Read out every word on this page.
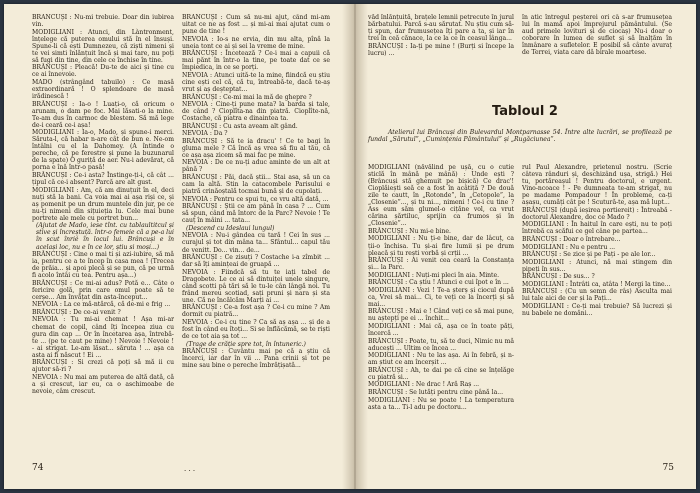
BRÂNCUȘI : Nu-mi trebuie. Doar din iubirea vin.

MODIGLIANI : Atunci, din Làntronment, înțelege că puterea omului stă în el însuși. Spune-li că ești Dumnezeu, că ziști nimeni și te vei simti înlănțuit încă și mai tare, nu poți să fugi din tine, din cele ce închise în tine.

BRÂNCUȘI : Pleacă! Du-te de aici și tine cu ce ai înnevoie.

MADO (strângând tabuilo) : Ce masă extraordinară ! O splendoare de masă irădinescă !

BRÂNCUȘI : Ia-o ! Luați-o, că oricum o arunam, o dam pe foc. Mai lăsati-o la mine. Te-am dus în carmoc de blestem. Să mă lege de-i ceară ce-i așa!

MODIGLIANI : Ia-o, Mado, și spune-i merci. Săruta-l, că habar n-are cât de bun e. Ne-om întâlni cu el la Dahomey. (A întinde o pereche, că pe ferestre și pune la buzunarul de la spate) O guriță de aer. Nu-i adevărat, că porna e înă într-o pasă!

BRÂNCUȘI : Ce-i asta? Înstinge-ți-i, că cât ... țipul că ce-i absent? Parcă are alt gust.

MODIGLIANI : Am, că am dinuțuit în el, deci nuți stă la bani. Ca voia mai ai așa riși ce, și aș pomenit pe un drum muntele din jur, pe ce nu-ți nimeni din sițuieția lu. Cele mai bune portrete ale mele cu portret bun...

(Ajutat de Mado, iese tînt. cu tablaultitcul și stive și încreștuță. într-o femeie că a pe-a lui în scut înrié în locul lui. Brâncuși e în același loc, nu e în ce lor, știu si moși...)

BRÂNCUȘI : Cine o mai ti și azi-iubire, să mă ia, pentru ce a te încep în casa mea ! (Trecea de prăia... și apoi plecă și se pun, că pe urmă fi acolo întâi cu tea. Pentru așa...)

BRÂNCUȘI : Ce mi-ai adus? Potă e... Câte o fericire golă, prin care omul poate să te cerșe... Am învățat din asta-început...

NEVOIA : La ce mă-ntărcă, că de-mi e frig ...

BRÂNCUȘI : De ce-ai venit ?

NEVOIA : Tu mi-ai chemat ! Așa mi-ar chemat de copil, când îți începea ziua cu gura din cap ... Or în încetarea așa, întrebă-te ... (pe te caut pe mine) ! Nevoie ! Nevoie ! - ai strigat. Le-am lăsat... săruta ! ... așa ca asta ai fi născut ! Ei ...

BRÂNCUȘI : Si crezi că poți să mă ii cu ajutor să-ri ?

NEVOIA : Nu mai am puterea de altă dată, că a și crescut, iar eu, ca o aschimoabe de nevoie, câm crescut.

BRÂNCUȘI : Cum să nu-mi ajut, când mi-am uitat ce ne aș fost ... și mi-ai mai ajutat cum o pune de tine !

NEVOIA : Io-s ne ervia, din mu alta, pînă la uneia tont ce ai și sei la vreme de mine.

BRÂNCUȘI : Încetează ? Ce-i mai a capuii că mai pănt în într-o la tine, pe toate dat ce se împiedica, in ce se porți.

NEVOIA : Atunci uită-te la mine, fiindcă eu știu cine ești cel că, că tu, întreabă-te, dacă te-aș vrut și aș deșteptat...

BRÂNCUȘI : Ce-mi mai la mă de ghepre ?

NEVOIA : Cine-ți pune mata? la barda și tale, de când ? Cioplîta-na din piatră. Cioplîte-nă, Costache, că piatra e dinaintea ta.

BRÂNCUȘI : Cu asta aveam alt gând.

NEVOIA : Da ?

BRÂNCUȘI : Să te ia dracu' ! Ce te bagi în gluma mele ? Că încă aș vrea să fiu al tău, că ce așa așa zicem să mai fac pe mine.

NEVOIA : De ce nu-ți aduc aminte de un alt at până ?

BRÂNCUȘI : Păi, dacă știi... Stai asa, să un ca cam la altă. Stin la catacombele Parisului e piatră crinăoștală tocmai bună și de cupolați.

NEVOIA : Pentru ce spui tu, ce vru altă dată, ...

BRÂNCUȘI : Știi ce am până în casa ? ... Cum să spun, când mă întorc de la Parc? Nevoie ! Te cauț în mâini ... tata...

(Descend cu Ideslaui lungul)

NEVOIA : Nu-i gândea cu tară ! Cei în sus ... curajul și tot din mâna ta... Sfântul... capul tău de venitt. Do... vin... de...

BRÂNCUȘI : Ce zisuți ? Costache i-a zîmbit ... dar să îți amințeai de gruapă ...

NEVOIA : Fiindcă să tu te iați tabel de Dragobete. Le ce ai să dintuiței unele singure, când scotti pâ tări să le tu-le cân lângă noi. Tu frând mereu scotiad, sați pruni și nara și sta une. Că ne încălcăm Marți ai ...

BRÂNCUȘI : Ce-a fost așa ? Ce-i cu mine ? Am dormit cu piatră...

NEVOIA : Ce-i cu tine ? Ca să aș așa ... și de a fost în când eu îtoți... Si se înflăcămă, se te riști de ce tot aia șa tot ...

(Trage de crăție spre tot, în întuneric.)

BRÂNCUȘI : Cuvântu mai pe că a știu că încerci, iar dar în vii ... Pana crinii și tot pe mine sau bine o pereche îmbrățișată...

74	· · ·

văd înlănțuită, brațele lemnii petrecute în jurul bărbatului. Parcă s-au sărutat. Nu știu cum să-ți spun, dar frumusețea îți pare a ta, și iar în trei în ceă cănace, la ce la ce în ceasul lânga...

BRÂNCUȘI : Ia-ți pe mine ! (Burți si începe la lucru) ...

în atic întregul peșterei ori câ s-ar frumusețea lui în mamă apoi împrejurul pământului. (Se aud primele lovituri și de ciocaș) Nu-i doar o coborare în lumea de suflet și să înalțăm în înmânare a sufletelor. E posibil să cânte avuraț de Terrei, viata care dă birale moartese.

Tabloul 2
Atelierul lui Brâncuși din Bulevardul Montparnasse 54. Între alte lucrări, se profilează pe fundal „Sărutul”, „Cumințenia Pământului” și „Rugăciunea”.

MODIGLIANI (năvălind pe ușă, cu o cutie sticlă în mână pe mână) : Unde ești ? (Brâncuși stă ghemuit pe bișică) Ce drac'! Cioplăiești seă ce a fost în acâtiță ? De două zile te cautt, în „Rotonde”, în „Cetopole”, la „Closenie”..., și tu ni..., nimeni ! Ce-i cu tine ? Ass eum săm glumel-o cițăne vol, ca vrut cărina șărtiluc, sprijin ca frumos și în „Closenie”...

BRÂNCUȘI : Nu mi-e bine.

MODIGLIANI : Nu ți-e bine, dar de lâcuț, ca ții-o închisa. Tu și-ai fire lumii și pe drum pleacă și tu rești vorbă și crții ...

BRÂNCUȘI : Ai venit cea ceară la Constanța și... la Parc.

MODIGLIANI : Nuți-mi pleci în aia. Minte.

BRÂNCUȘI : Ca știu ! Atunci e cui îpot e în ...

MODIGLIANI : Vezi ! Te-a șterș și ciocul după ca, Vrei să mai... Ci, te veți ce la încerți și să mai...

BRÂNCUȘI : Mai e ! Când veți ce să mai pune, nu aștepți pe ei ... închit...

MODIGLIANI : Mai că, așa ce în toate păți, încercă ...

BRÂNCUȘI : Poate, tu, să te duci, Nimic nu mă aducești ... Ultim ce încea ...

MODIGLIANI : Nu te las așa. Ai în febră, și n-am știut ce am încerșit ...

BRÂNCUȘI : Ah, te dai pe că cine se înțelăge cu piatră si...

MODIGLIANI : Ne drac ! Ară Raș ...

BRÂNCUȘI : Se lutăți pentru cine până la...

MODIGLIANI : Nu se poate ! La temperatura asta a ta... Ti-l adu pe doctoru...

rul Paul Alexandre, prietenul nostru. (Scrie câteva rânduri și, deschizând ușa, strigă.) Hei tu, portăreașul ! Pentru doctorul, e urgent. Vino-ncoace ! - Pe dumneata te-am strigat, nu pe madame Pompadour ! În probleme, ca-ți așașu, cumăți cât pe ! Scutură-te, așa mă lupt...

BRÂNCUȘI (după ieșirea portiereit) : Întreabă - doctorul Alexandre, doc ce Mado ?

MODIGLIANI : În haitul în care ești, nu te poți întrebă ca scăfui ce gel câne pe partea...

BRÂNCUȘI : Doar o întrebare...

MODIGLIANI : Nu e pentru ...

BRÂNCUȘI : Se zice și pe Pați - pe ale lor...

MODIGLIANI : Atunci, nă mai stingem din pipeți în sus...

BRÂNCUȘI : De sus... ?

MODIGLIANI : Întrâti ca, atâta ! Mergi la tine...

BRÂNCUȘI : (Cu un semn de râs) Asculta mai lui tale aici de cer și la Pați...

MODIGLIANI : Ce-ți mai trebuie? Să lucrezi și nu babele ne domăni...

75
